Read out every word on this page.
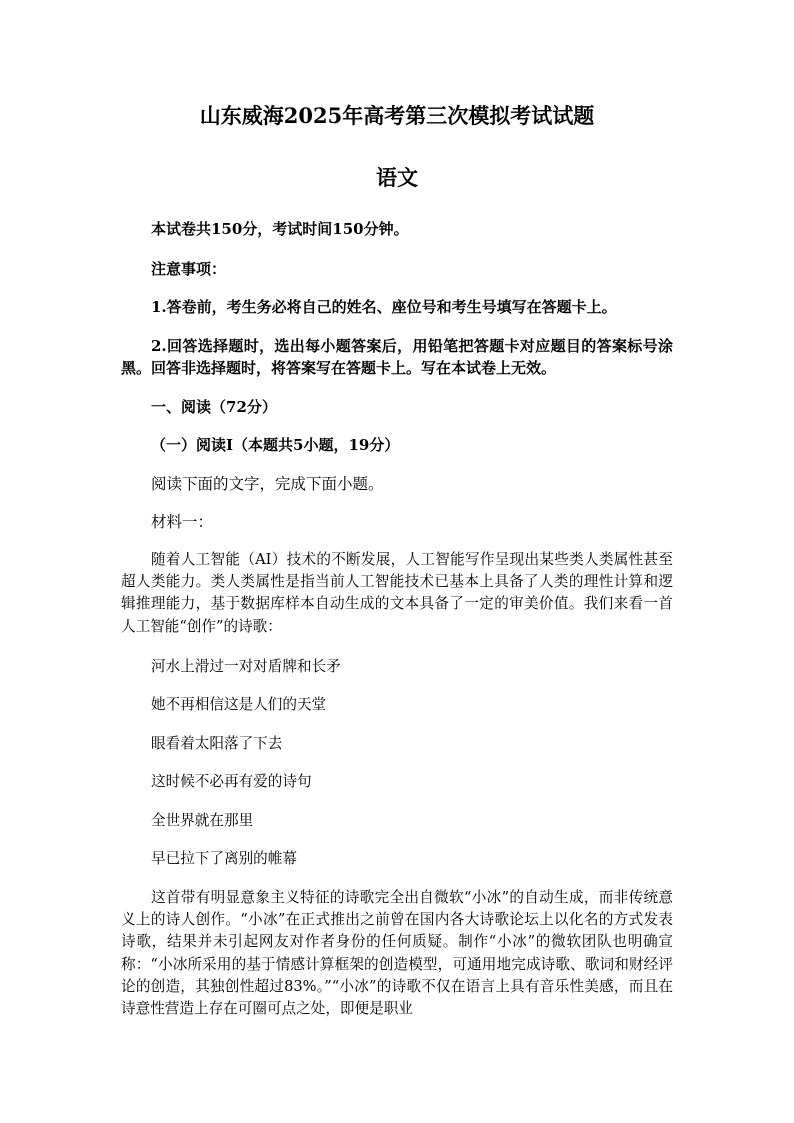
山东威海2025年高考第三次模拟考试试题
语文

本试卷共150分，考试时间150分钟。

注意事项：

1.答卷前，考生务必将自己的姓名、座位号和考生号填写在答题卡上。

2.回答选择题时，选出每小题答案后，用铅笔把答题卡对应题目的答案标号涂黑。回答非选择题时，将答案写在答题卡上。写在本试卷上无效。

一、阅读（72分）

（一）阅读Ⅰ（本题共5小题，19分）

阅读下面的文字，完成下面小题。

材料一：

随着人工智能（AI）技术的不断发展，人工智能写作呈现出某些类人类属性甚至超人类能力。类人类属性是指当前人工智能技术已基本上具备了人类的理性计算和逻辑推理能力，基于数据库样本自动生成的文本具备了一定的审美价值。我们来看一首人工智能“创作”的诗歌：

河水上滑过一对对盾牌和长矛

她不再相信这是人们的天堂

眼看着太阳落了下去

这时候不必再有爱的诗句

全世界就在那里

早已拉下了离别的帷幕

这首带有明显意象主义特征的诗歌完全出自微软“小冰”的自动生成，而非传统意义上的诗人创作。“小冰”在正式推出之前曾在国内各大诗歌论坛上以化名的方式发表诗歌，结果并未引起网友对作者身份的任何质疑。制作“小冰”的微软团队也明确宣称：“小冰所采用的基于情感计算框架的创造模型，可通用地完成诗歌、歌词和财经评论的创造，其独创性超过83%。”“小冰”的诗歌不仅在语言上具有音乐性美感，而且在诗意性营造上存在可圈可点之处，即便是职业
